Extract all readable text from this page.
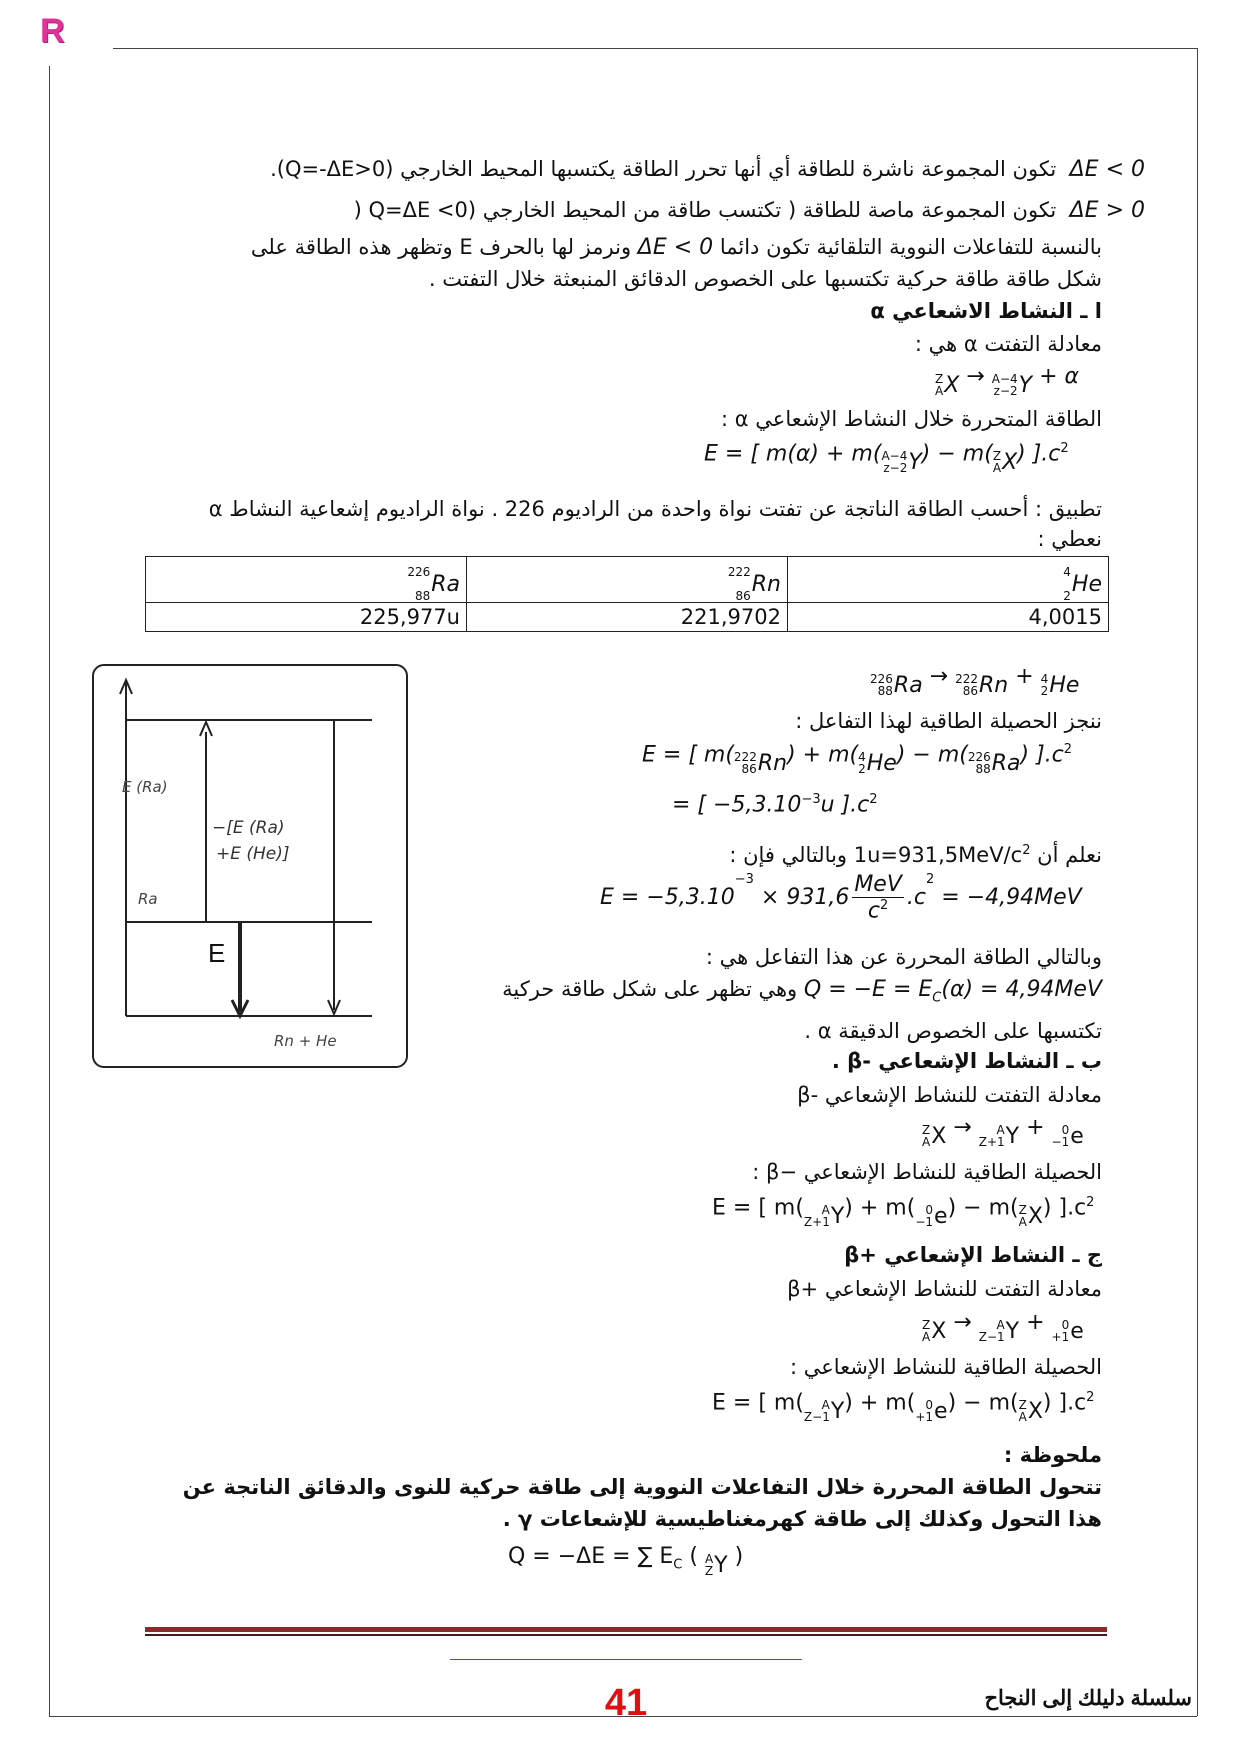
R
ΔE < 0  تكون المجموعة ناشرة للطاقة أي أنها تحرر الطاقة يكتسبها المحيط الخارجي (Q=-ΔE>0).
ΔE > 0  تكون المجموعة ماصة للطاقة ( تكتسب طاقة من المحيط الخارجي (Q=ΔE <0 (
بالنسبة للتفاعلات النووية التلقائية تكون دائما ΔE < 0 ونرمز لها بالحرف E وتظهر هذه الطاقة على
شكل طاقة طاقة حركية تكتسبها على الخصوص الدقائق المنبعثة خلال التفتت .
ا ـ النشاط الاشعاعي α
معادلة التفتت α هي :
Z
A X → A−4
z−2 Y + α
الطاقة المتحررة خلال النشاط الإشعاعي α :
E = [ m(α) + m( A−4
z−2 Y) − m( Z
A X) ]$.c^2$
تطبيق : أحسب الطاقة الناتجة عن تفتت نواة واحدة من الراديوم 226 . نواة الراديوم إشعاعية النشاط α
نعطي :
226

88 Ra	222

86 Rn	4

2 He

225,977u	221,9702	4,0015
226
88 Ra → 222
86 Rn + 4
2 He
ننجز الحصيلة الطاقية لهذا التفاعل :
E = [ m( 222
86 Rn) + m( 4
2 He) − m( 226
88 Ra) ]$.c^2$
= [ $-5,3.10^{-3}u$ ]$.c^2$
نعلم أن $1u=931,5MeV/c^2$ وبالتالي فإن :
E = −5,3.10
−3

× 931,6
MeV
$c^2$ .c
2

= −4,94MeV
وبالتالي الطاقة المحررة عن هذا التفاعل هي :
$Q = -E = E_C(\alpha) = 4,94MeV$ وهي تظهر على شكل طاقة حركية
تكتسبها على الخصوص الدقيقة α .
E (Ra)
−[E (Ra)
+E (He)]
Ra
E
Rn + He
ب ـ النشاط الإشعاعي -β .
معادلة التفتت للنشاط الإشعاعي -β
Z
A X →	A
Z+1 Y + 0
−1 e
الحصيلة الطاقية للنشاط الإشعاعي −β :
E = [ m(	A
Z+1 Y) + m( 0
−1 e) − m( Z
A X) ]$.c^2$
ج ـ النشاط الإشعاعي +β
معادلة التفتت للنشاط الإشعاعي +β
Z
A X →	A
Z−1 Y + 0
+1 e
الحصيلة الطاقية للنشاط الإشعاعي :
E = [ m(	A
Z−1 Y) + m( 0
+1 e) − m( Z
A X) ]$.c^2$
ملحوظة :
تتحول الطاقة المحررة خلال التفاعلات النووية إلى طاقة حركية للنوى والدقائق الناتجة عن
هذا التحول وكذلك إلى طاقة كهرمغناطيسية للإشعاعات γ .
Q = −ΔE = ∑ $E_C$ ( A
Z Y )
41	سلسلة دليلك إلى النجاح
